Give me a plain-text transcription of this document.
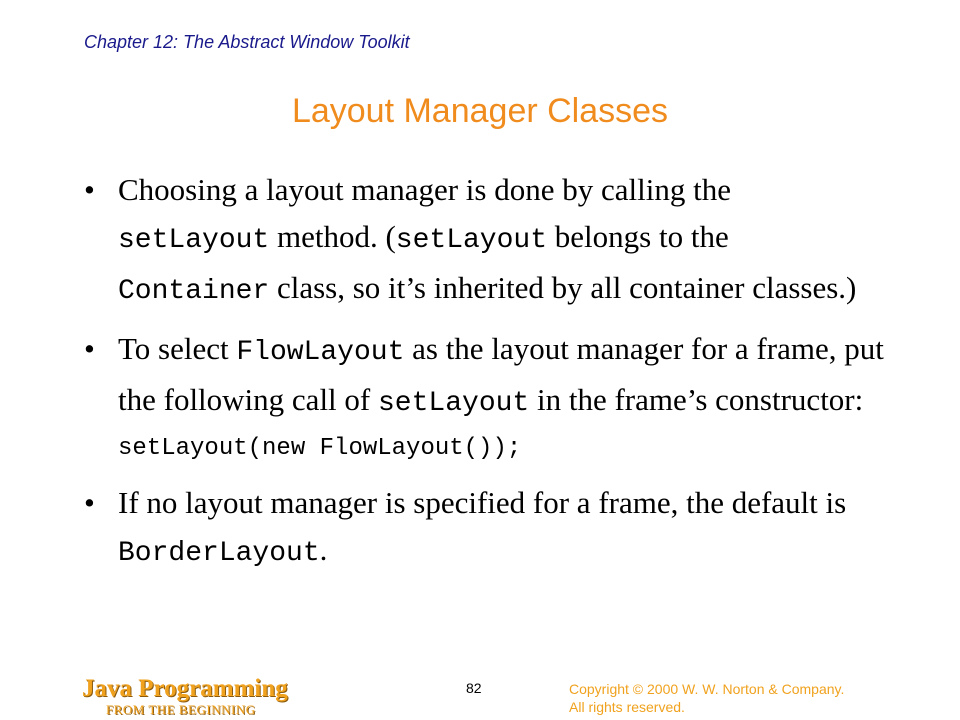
Chapter 12: The Abstract Window Toolkit
Layout Manager Classes
• Choosing a layout manager is done by calling the setLayout method. (setLayout belongs to the Container class, so it’s inherited by all container classes.)
• To select FlowLayout as the layout manager for a frame, put the following call of setLayout in the frame’s constructor:
setLayout(new FlowLayout());
• If no layout manager is specified for a frame, the default is BorderLayout.
Java Programming
FROM THE BEGINNING
82	Copyright © 2000 W. W. Norton & Company.
All rights reserved.
